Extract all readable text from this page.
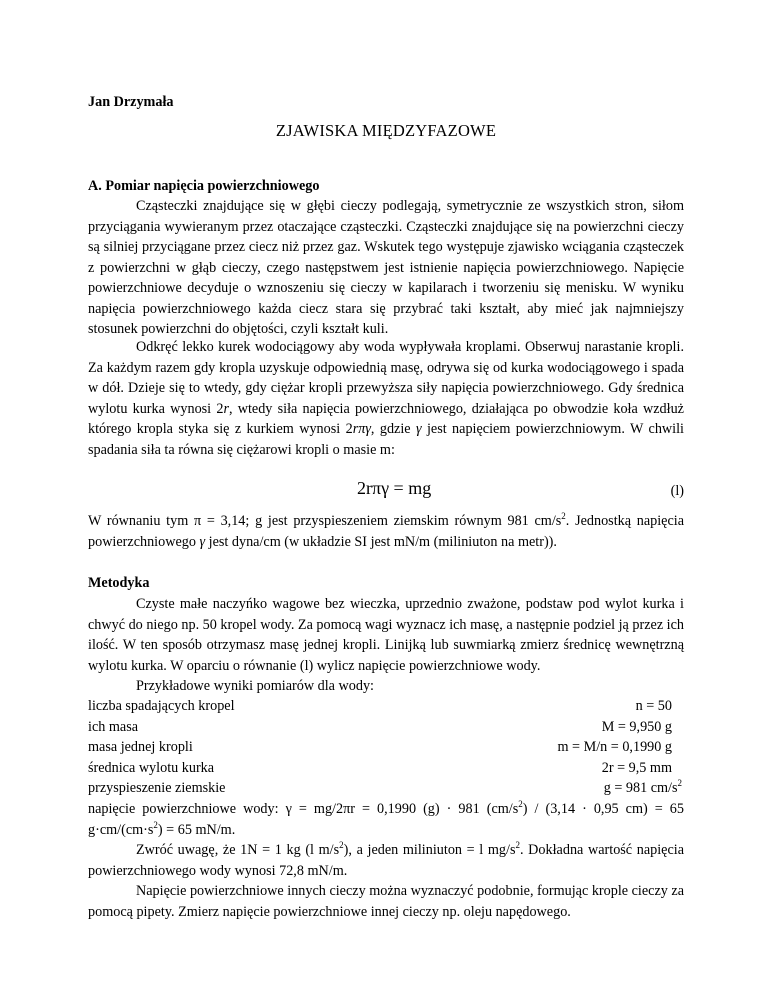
Jan Drzymała

ZJAWISKA MIĘDZYFAZOWE

A. Pomiar napięcia powierzchniowego

Cząsteczki znajdujące się w głębi cieczy podlegają, symetrycznie ze wszystkich stron, siłom przyciągania wywieranym przez otaczające cząsteczki. Cząsteczki znajdujące się na powierzchni cieczy są silniej przyciągane przez ciecz niż przez gaz. Wskutek tego występuje zjawisko wciągania cząsteczek z powierzchni w głąb cieczy, czego następstwem jest istnienie napięcia powierzchniowego. Napięcie powierzchniowe decyduje o wznoszeniu się cieczy w kapilarach i tworzeniu się menisku. W wyniku napięcia powierzchniowego każda ciecz stara się przybrać taki kształt, aby mieć jak najmniejszy stosunek powierzchni do objętości, czyli kształt kuli.

Odkręć lekko kurek wodociągowy aby woda wypływała kroplami. Obserwuj narastanie kropli. Za każdym razem gdy kropla uzyskuje odpowiednią masę, odrywa się od kurka wodociągowego i spada w dół. Dzieje się to wtedy, gdy ciężar kropli przewyższa siły napięcia powierzchniowego. Gdy średnica wylotu kurka wynosi 2r, wtedy siła napięcia powierzchniowego, działająca po obwodzie koła wzdłuż którego kropla styka się z kurkiem wynosi 2rπγ, gdzie γ jest napięciem powierzchniowym. W chwili spadania siła ta równa się ciężarowi kropli o masie m:

2rπγ = mg	(l)

W równaniu tym π = 3,14; g jest przyspieszeniem ziemskim równym 981 $cm/s^2$. Jednostką napięcia powierzchniowego γ jest dyna/cm (w układzie SI jest mN/m (miliniuton na metr)).

Metodyka

Czyste małe naczyńko wagowe bez wieczka, uprzednio zważone, podstaw pod wylot kurka i chwyć do niego np. 50 kropel wody. Za pomocą wagi wyznacz ich masę, a następnie podziel ją przez ich ilość. W ten sposób otrzymasz masę jednej kropli. Linijką lub suwmiarką zmierz średnicę wewnętrzną wylotu kurka. W oparciu o równanie (l) wylicz napięcie powierzchniowe wody.

Przykładowe wyniki pomiarów dla wody:

liczba spadających kropel	n = 50
ich masa	M = 9,950 g
masa jednej kropli	m = M/n = 0,1990 g
średnica wylotu kurka	2r = 9,5 mm
przyspieszenie ziemskie	g = 981 $cm/s^2$

napięcie powierzchniowe wody: γ = mg/2πr = 0,1990 (g) · 981 $(cm/s^2) / (3,14 \cdot 0,95$ cm) = 65 $g\cdot cm/(cm\cdot s^2) = 65$ mN/m.

Zwróć uwagę, że 1N = 1 kg (l $m/s^2$), a jeden miliniuton = l $mg/s^2$. Dokładna wartość napięcia powierzchniowego wody wynosi 72,8 mN/m.

Napięcie powierzchniowe innych cieczy można wyznaczyć podobnie, formując krople cieczy za pomocą pipety. Zmierz napięcie powierzchniowe innej cieczy np. oleju napędowego.
